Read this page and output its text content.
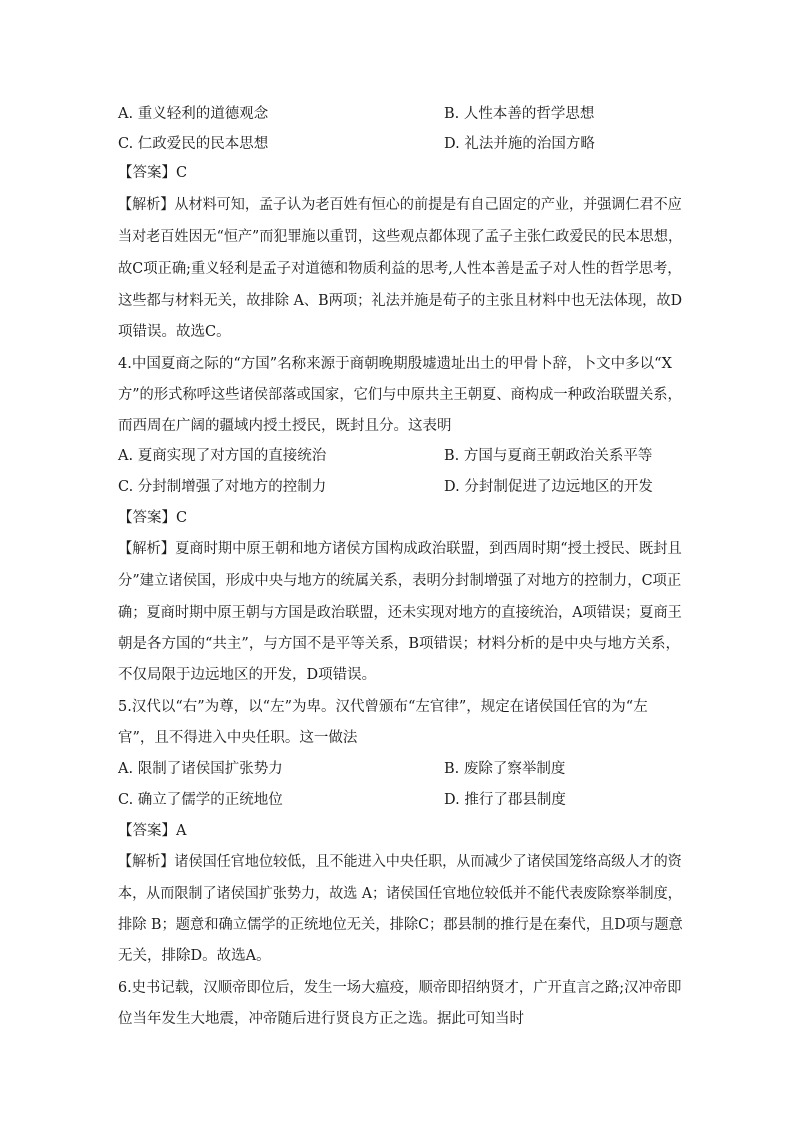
A. 重义轻利的道德观念	B. 人性本善的哲学思想
C. 仁政爱民的民本思想	D. 礼法并施的治国方略
【答案】C
【解析】从材料可知，孟子认为老百姓有恒心的前提是有自己固定的产业，并强调仁君不应
当对老百姓因无“恒产”而犯罪施以重罚，这些观点都体现了孟子主张仁政爱民的民本思想，
故C项正确;重义轻利是孟子对道德和物质利益的思考,人性本善是孟子对人性的哲学思考，
这些都与材料无关，故排除 A、B两项；礼法并施是荀子的主张且材料中也无法体现，故D
项错误。故选C。
4.中国夏商之际的“方国”名称来源于商朝晚期殷墟遗址出土的甲骨卜辞，卜文中多以“X
方”的形式称呼这些诸侯部落或国家，它们与中原共主王朝夏、商构成一种政治联盟关系，
而西周在广阔的疆域内授土授民，既封且分。这表明
A. 夏商实现了对方国的直接统治	B. 方国与夏商王朝政治关系平等
C. 分封制增强了对地方的控制力	D. 分封制促进了边远地区的开发
【答案】C
【解析】夏商时期中原王朝和地方诸侯方国构成政治联盟，到西周时期“授土授民、既封且
分”建立诸侯国，形成中央与地方的统属关系，表明分封制增强了对地方的控制力，C项正
确；夏商时期中原王朝与方国是政治联盟，还未实现对地方的直接统治，A项错误；夏商王
朝是各方国的“共主”，与方国不是平等关系，B项错误；材料分析的是中央与地方关系，
不仅局限于边远地区的开发，D项错误。
5.汉代以“右”为尊，以“左”为卑。汉代曾颁布“左官律”，规定在诸侯国任官的为“左
官”，且不得进入中央任职。这一做法
A. 限制了诸侯国扩张势力	B. 废除了察举制度
C. 确立了儒学的正统地位	D. 推行了郡县制度
【答案】A
【解析】诸侯国任官地位较低，且不能进入中央任职，从而减少了诸侯国笼络高级人才的资
本，从而限制了诸侯国扩张势力，故选 A；诸侯国任官地位较低并不能代表废除察举制度，
排除 B；题意和确立儒学的正统地位无关，排除C；郡县制的推行是在秦代，且D项与题意
无关，排除D。故选A。
6.史书记载，汉顺帝即位后，发生一场大瘟疫，顺帝即招纳贤才，广开直言之路;汉冲帝即
位当年发生大地震，冲帝随后进行贤良方正之选。据此可知当时
